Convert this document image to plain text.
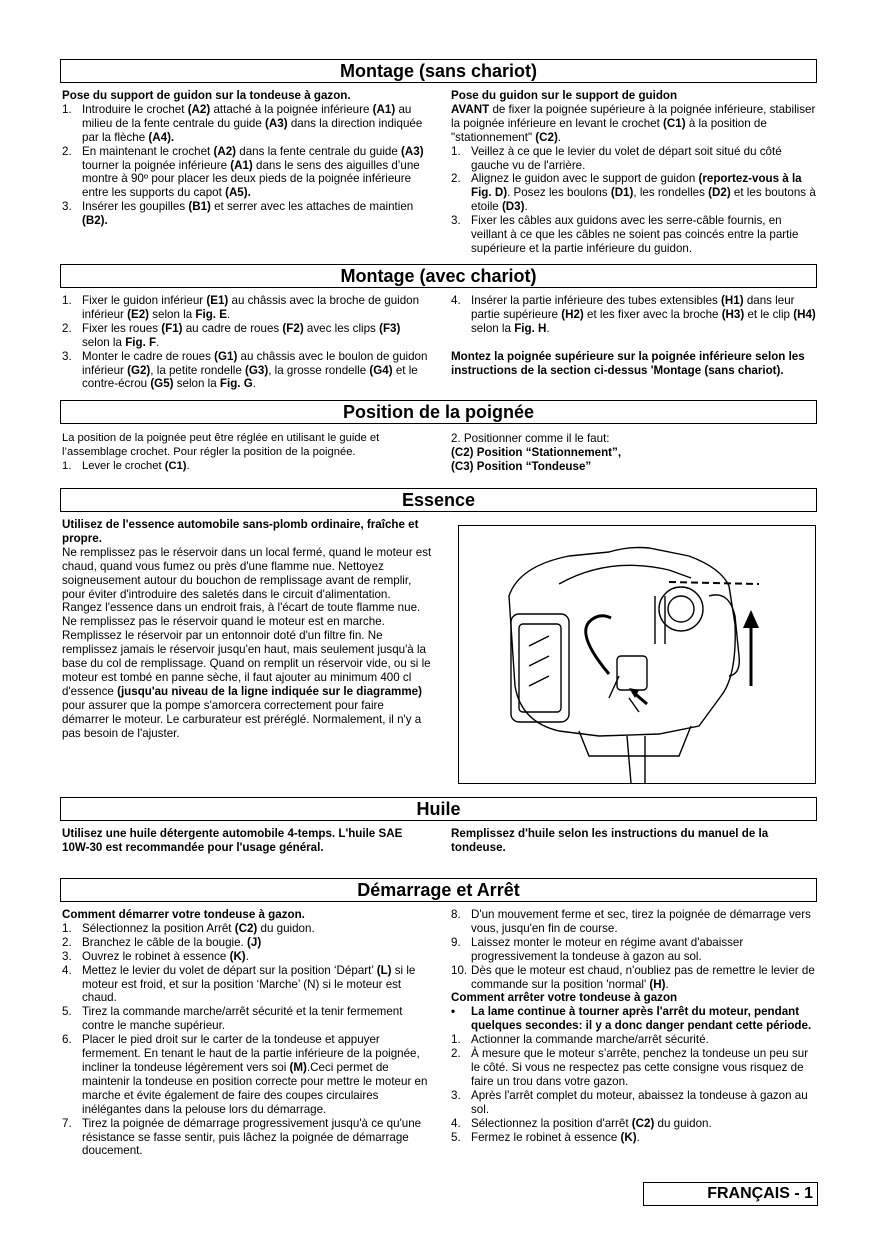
Montage (sans chariot)
Montage (avec chariot)
Position de la poignée
Essence
Huile
Démarrage et Arrêt

Pose du support de guidon sur la tondeuse à gazon.

1. Introduire le crochet (A2) attaché à la poignée inférieure (A1) au milieu de la fente centrale du guide (A3) dans la direction indiquée par la flèche (A4).
2. En maintenant le crochet (A2) dans la fente centrale du guide (A3) tourner la poignée inférieure (A1) dans le sens des aiguilles d’une montre à 90º pour placer les deux pieds de la poignée inférieure entre les supports du capot (A5).
3. Insérer les goupilles (B1) et serrer avec les attaches de maintien (B2).

Pose du guidon sur le support de guidon

AVANT de fixer la poignée supérieure à la poignée inférieure, stabiliser la poignée inférieure en levant le crochet (C1) à la position de "stationnement" (C2).

1. Veillez à ce que le levier du volet de départ soit situé du côté gauche vu de l'arrière.
2. Alignez le guidon avec le support de guidon (reportez-vous à la Fig. D). Posez les boulons (D1), les rondelles (D2) et les boutons à etoile (D3).
3. Fixer les câbles aux guidons avec les serre-câble fournis, en veillant à ce que les câbles ne soient pas coincés entre la partie supérieure et la partie inférieure du guidon.
1. Fixer le guidon inférieur (E1) au châssis avec la broche de guidon inférieur (E2) selon la Fig. E.
2. Fixer les roues (F1) au cadre de roues (F2) avec les clips (F3) selon la Fig. F.
3. Monter le cadre de roues (G1) au châssis avec le boulon de guidon inférieur (G2), la petite rondelle (G3), la grosse rondelle (G4) et le contre-écrou (G5) selon la Fig. G.
4. Insérer la partie inférieure des tubes extensibles (H1) dans leur partie supérieure (H2) et les fixer avec la broche (H3) et le clip (H4) selon la Fig. H.

Montez la poignée supérieure sur la poignée inférieure selon les instructions de la section ci-dessus 'Montage (sans chariot).

La position de la poignée peut être réglée en utilisant le guide et l’assemblage crochet. Pour régler la position de la poignée.

1. Lever le crochet (C1).

2. Positionner comme il le faut:

(C2) Position “Stationnement”,

(C3) Position “Tondeuse”

Utilisez de l'essence automobile sans-plomb ordinaire, fraîche et propre.

Ne remplissez pas le réservoir dans un local fermé, quand le moteur est chaud, quand vous fumez ou près d'une flamme nue. Nettoyez soigneusement autour du bouchon de remplissage avant de remplir, pour éviter d'introduire des saletés dans le circuit d'alimentation. Rangez l'essence dans un endroit frais, à l'écart de toute flamme nue. Ne remplissez pas le réservoir quand le moteur est en marche. Remplissez le réservoir par un entonnoir doté d'un filtre fin. Ne remplissez jamais le réservoir jusqu'en haut, mais seulement jusqu'à la base du col de remplissage. Quand on remplit un réservoir vide, ou si le moteur est tombé en panne sèche, il faut ajouter au minimum 400 cl d'essence (jusqu'au niveau de la ligne indiquée sur le diagramme) pour assurer que la pompe s'amorcera correctement pour faire démarrer le moteur. Le carburateur est préréglé. Normalement, il n'y a pas besoin de l'ajuster.

Utilisez une huile détergente automobile 4-temps. L'huile SAE 10W-30 est recommandée pour l'usage général.

Remplissez d'huile selon les instructions du manuel de la tondeuse.

Comment démarrer votre tondeuse à gazon.

1. Sélectionnez la position Arrêt (C2) du guidon.
2. Branchez le câble de la bougie. (J)
3. Ouvrez le robinet à essence (K).
4. Mettez le levier du volet de départ sur la position ‘Départ’ (L) si le moteur est froid, et sur la position ‘Marche’ (N) si le moteur est chaud.
5. Tirez la commande marche/arrêt sécurité et la tenir fermement contre le manche supérieur.
6. Placer le pied droit sur le carter de la tondeuse et appuyer fermement. En tenant le haut de la partie inférieure de la poignée, incliner la tondeuse légèrement vers soi (M).Ceci permet de maintenir la tondeuse en position correcte pour mettre le moteur en marche et évite également de faire des coupes circulaires inélégantes dans la pelouse lors du démarrage.
7. Tirez la poignée de démarrage progressivement jusqu'à ce qu'une résistance se fasse sentir, puis lâchez la poignée de démarrage doucement.
8. D'un mouvement ferme et sec, tirez la poignée de démarrage vers vous, jusqu'en fin de course.
9. Laissez monter le moteur en régime avant d'abaisser progressivement la tondeuse à gazon au sol.
10. Dès que le moteur est chaud, n'oubliez pas de remettre le levier de commande sur la position 'normal' (H).

Comment arrêter votre tondeuse à gazon

• La lame continue à tourner après l'arrêt du moteur, pendant quelques secondes: il y a donc danger pendant cette période.
1. Actionner la commande marche/arrêt sécurité.
2. À mesure que le moteur s’arrête, penchez la tondeuse un peu sur le côté. Si vous ne respectez pas cette consigne vous risquez de faire un trou dans votre gazon.
3. Après l'arrêt complet du moteur, abaissez la tondeuse à gazon au sol.
4. Sélectionnez la position d'arrêt (C2) du guidon.
5. Fermez le robinet à essence (K).
FRANÇAIS - 1
